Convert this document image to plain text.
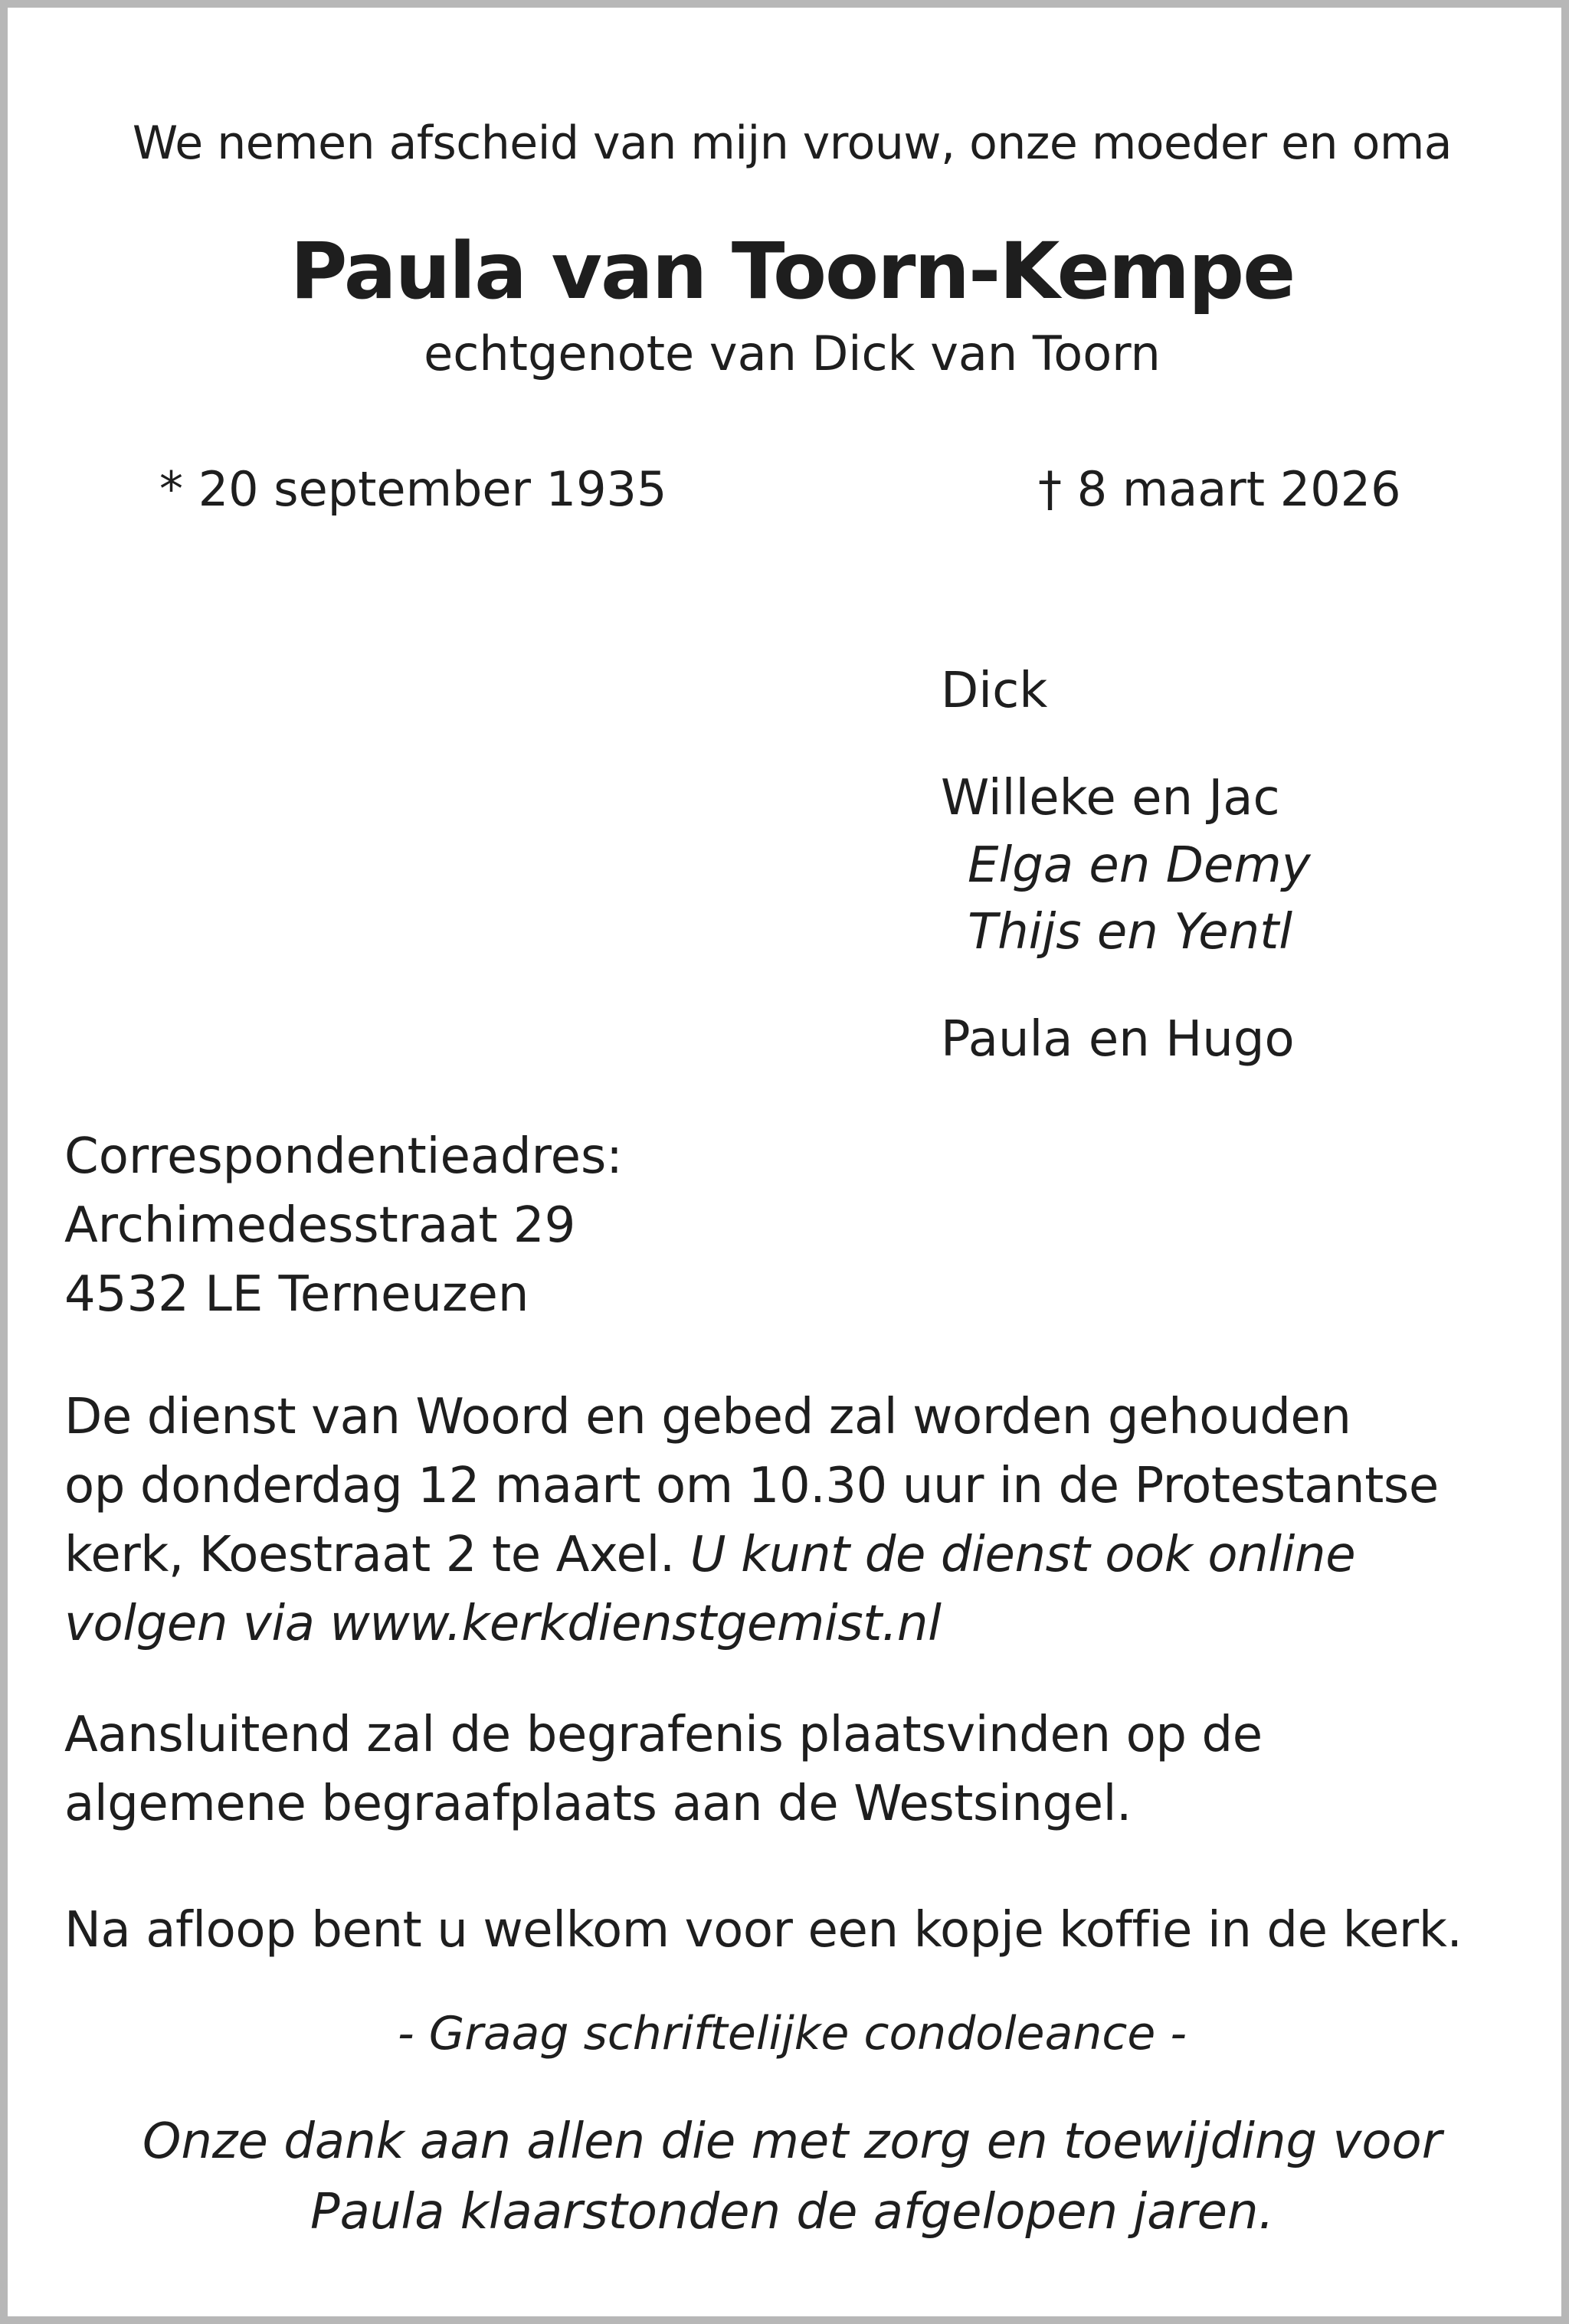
We nemen afscheid van mijn vrouw, onze moeder en oma
Paula van Toorn-Kempe
echtgenote van Dick van Toorn
* 20 september 1935	† 8 maart 2026
Dick
Willeke en Jac
Elga en Demy
Thijs en Yentl
Paula en Hugo
Correspondentieadres:
Archimedesstraat 29
4532 LE Terneuzen
De dienst van Woord en gebed zal worden gehouden
op donderdag 12 maart om 10.30 uur in de Protestantse
kerk, Koestraat 2 te Axel. U kunt de dienst ook online
volgen via www.kerkdienstgemist.nl
Aansluitend zal de begrafenis plaatsvinden op de
algemene begraafplaats aan de Westsingel.
Na afloop bent u welkom voor een kopje koffie in de kerk.
- Graag schriftelijke condoleance -
Onze dank aan allen die met zorg en toewijding voor
Paula klaarstonden de afgelopen jaren.
